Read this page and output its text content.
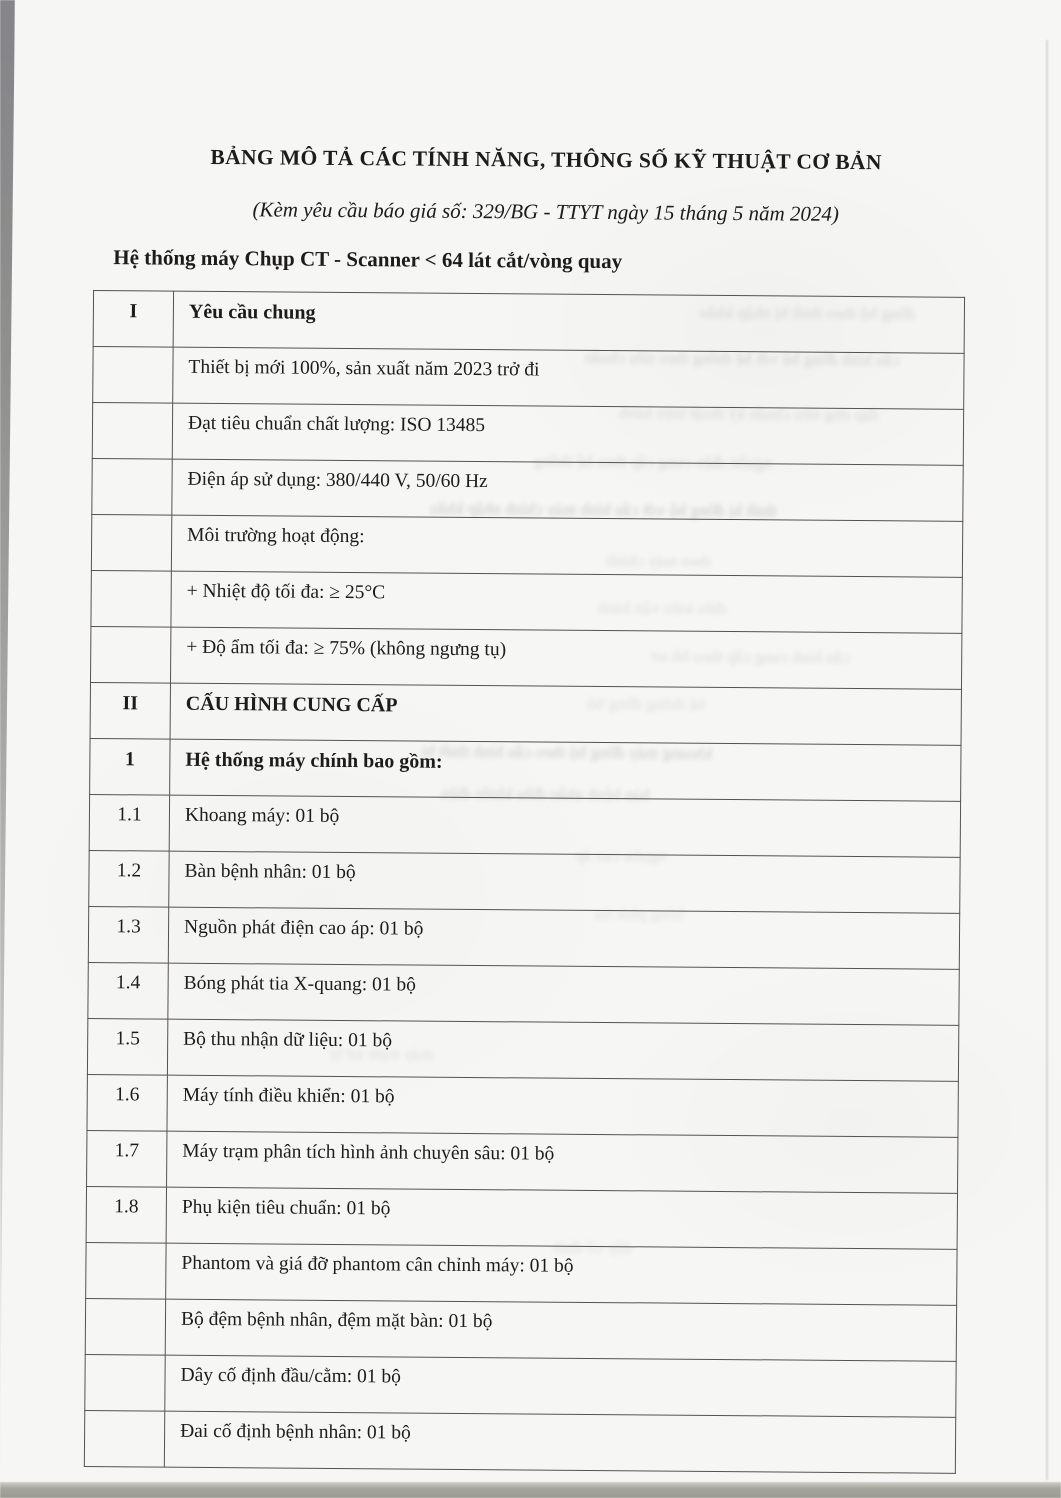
BẢNG MÔ TẢ CÁC TÍNH NĂNG, THÔNG SỐ KỸ THUẬT CƠ BẢN
(Kèm yêu cầu báo giá số: 329/BG - TTYT ngày 15 tháng 5 năm 2024)
Hệ thống máy Chụp CT - Scanner < 64 lát cắt/vòng quay
I	Yêu cầu chung
	Thiết bị mới 100%, sản xuất năm 2023 trở đi
	Đạt tiêu chuẩn chất lượng: ISO 13485
	Điện áp sử dụng: 380/440 V, 50/60 Hz
	Môi trường hoạt động:
	+ Nhiệt độ tối đa: ≥ 25°C
	+ Độ ẩm tối đa: ≥ 75% (không ngưng tụ)
II	CẤU HÌNH CUNG CẤP
1	Hệ thống máy chính bao gồm:
1.1	Khoang máy: 01 bộ
1.2	Bàn bệnh nhân: 01 bộ
1.3	Nguồn phát điện cao áp: 01 bộ
1.4	Bóng phát tia X-quang: 01 bộ
1.5	Bộ thu nhận dữ liệu: 01 bộ
1.6	Máy tính điều khiển: 01 bộ
1.7	Máy trạm phân tích hình ảnh chuyên sâu: 01 bộ
1.8	Phụ kiện tiêu chuẩn: 01 bộ
	Phantom và giá đỡ phantom cân chỉnh máy: 01 bộ
	Bộ đệm bệnh nhân, đệm mặt bàn: 01 bộ
	Dây cố định đầu/cằm: 01 bộ
	Đai cố định bệnh nhân: 01 bộ
đồng bộ theo thiết bị nhập khẩu
cấu hình đồng bộ với hệ thống theo tiêu chuẩn
đáp ứng tiêu chuẩn kỹ thuật hiện hành
nguồn điện cung cấp theo hệ thống
thiết bị đồng bộ với cấu hình máy chính nhập khẩu
theo máy chính
điều kiện vận hành
cấu hình cung cấp theo hồ sơ
hệ thống đồng bộ
khoang máy đồng bộ theo cấu hình thiết bị
bàn bệnh nhân điều khiển điện
nguồn cao áp
bóng phát tia
máy trạm xử lý
dây cố định
